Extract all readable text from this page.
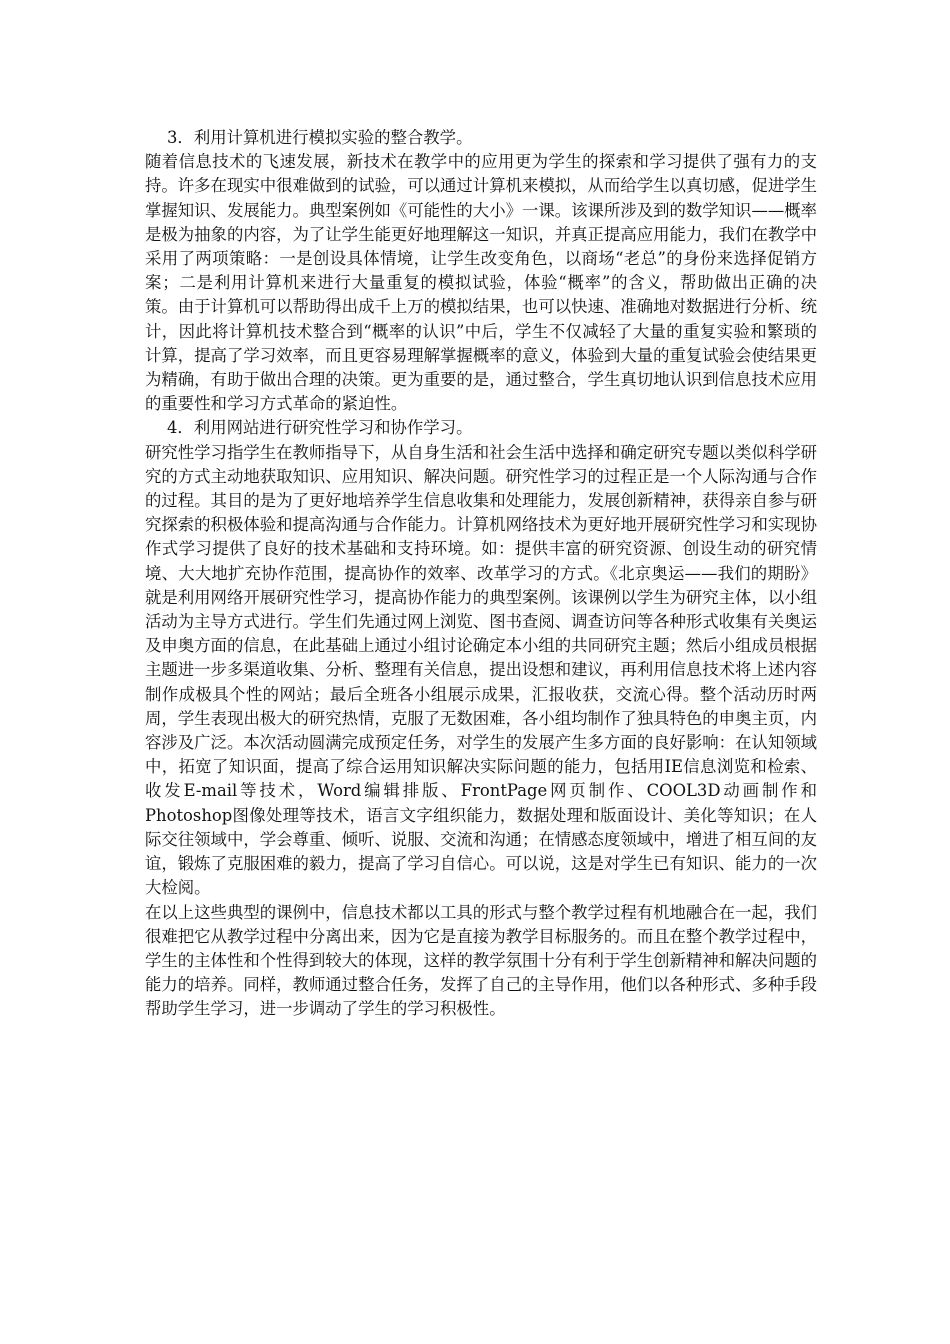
3．利用计算机进行模拟实验的整合教学。

随着信息技术的飞速发展，新技术在教学中的应用更为学生的探索和学习提供了强有力的支持。许多在现实中很难做到的试验，可以通过计算机来模拟，从而给学生以真切感，促进学生掌握知识、发展能力。典型案例如《可能性的大小》一课。该课所涉及到的数学知识——概率是极为抽象的内容，为了让学生能更好地理解这一知识，并真正提高应用能力，我们在教学中采用了两项策略：一是创设具体情境，让学生改变角色，以商场“老总”的身份来选择促销方案；二是利用计算机来进行大量重复的模拟试验，体验“概率”的含义，帮助做出正确的决策。由于计算机可以帮助得出成千上万的模拟结果，也可以快速、准确地对数据进行分析、统计，因此将计算机技术整合到“概率的认识”中后，学生不仅减轻了大量的重复实验和繁琐的计算，提高了学习效率，而且更容易理解掌握概率的意义，体验到大量的重复试验会使结果更为精确，有助于做出合理的决策。更为重要的是，通过整合，学生真切地认识到信息技术应用的重要性和学习方式革命的紧迫性。

4．利用网站进行研究性学习和协作学习。

研究性学习指学生在教师指导下，从自身生活和社会生活中选择和确定研究专题以类似科学研究的方式主动地获取知识、应用知识、解决问题。研究性学习的过程正是一个人际沟通与合作的过程。其目的是为了更好地培养学生信息收集和处理能力，发展创新精神，获得亲自参与研究探索的积极体验和提高沟通与合作能力。计算机网络技术为更好地开展研究性学习和实现协作式学习提供了良好的技术基础和支持环境。如：提供丰富的研究资源、创设生动的研究情境、大大地扩充协作范围，提高协作的效率、改革学习的方式。《北京奥运——我们的期盼》就是利用网络开展研究性学习，提高协作能力的典型案例。该课例以学生为研究主体，以小组活动为主导方式进行。学生们先通过网上浏览、图书查阅、调查访问等各种形式收集有关奥运及申奥方面的信息，在此基础上通过小组讨论确定本小组的共同研究主题；然后小组成员根据主题进一步多渠道收集、分析、整理有关信息，提出设想和建议，再利用信息技术将上述内容制作成极具个性的网站；最后全班各小组展示成果，汇报收获，交流心得。整个活动历时两周，学生表现出极大的研究热情，克服了无数困难，各小组均制作了独具特色的申奥主页，内容涉及广泛。本次活动圆满完成预定任务，对学生的发展产生多方面的良好影响：在认知领域中，拓宽了知识面，提高了综合运用知识解决实际问题的能力，包括用IE信息浏览和检索、收发E-mail等技术，Word编辑排版、FrontPage网页制作、COOL3D动画制作和Photoshop图像处理等技术，语言文字组织能力，数据处理和版面设计、美化等知识；在人际交往领域中，学会尊重、倾听、说服、交流和沟通；在情感态度领域中，增进了相互间的友谊，锻炼了克服困难的毅力，提高了学习自信心。可以说，这是对学生已有知识、能力的一次大检阅。

在以上这些典型的课例中，信息技术都以工具的形式与整个教学过程有机地融合在一起，我们很难把它从教学过程中分离出来，因为它是直接为教学目标服务的。而且在整个教学过程中，学生的主体性和个性得到较大的体现，这样的教学氛围十分有利于学生创新精神和解决问题的能力的培养。同样，教师通过整合任务，发挥了自己的主导作用，他们以各种形式、多种手段帮助学生学习，进一步调动了学生的学习积极性。
